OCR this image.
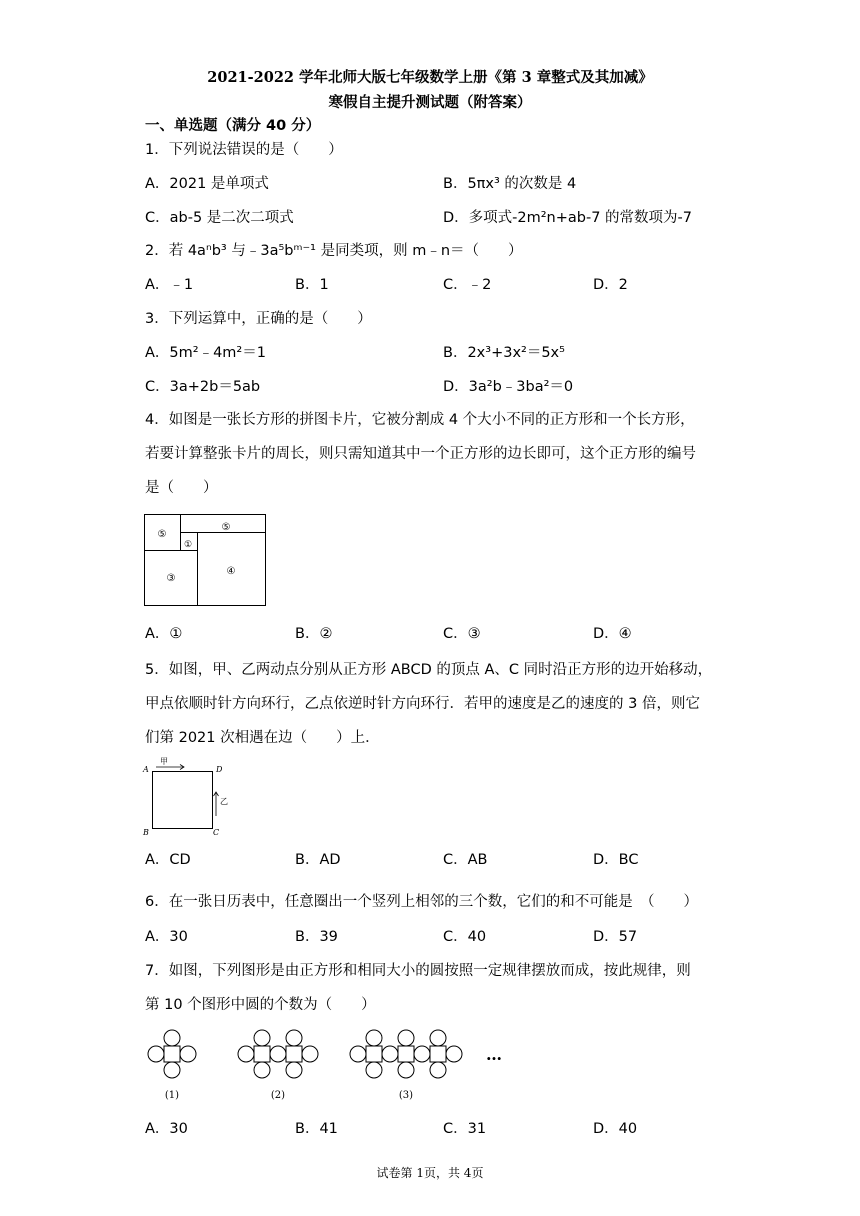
2021-2022 学年北师大版七年级数学上册《第 3 章整式及其加减》
寒假自主提升测试题（附答案）
一、单选题（满分 40 分）
1．下列说法错误的是（　　）
A．2021 是单项式	B．5πx³ 的次数是 4
C．ab-5 是二次二项式	D．多项式-2m²n+ab-7 的常数项为-7
2．若 4aⁿb³ 与﹣3a⁵bᵐ⁻¹ 是同类项，则 m﹣n＝（　　）
A．﹣1	B．1	C．﹣2	D．2
3．下列运算中，正确的是（　　）
A．5m²﹣4m²＝1	B．2x³+3x²＝5x⁵
C．3a+2b＝5ab	D．3a²b﹣3ba²＝0
4．如图是一张长方形的拼图卡片，它被分割成 4 个大小不同的正方形和一个长方形，
若要计算整张卡片的周长，则只需知道其中一个正方形的边长即可，这个正方形的编号
是（　　）
⑤
⑤
①
③
④
A．①	B．②	C．③	D．④
5．如图，甲、乙两动点分别从正方形 ABCD 的顶点 A、C 同时沿正方形的边开始移动，
甲点依顺时针方向环行，乙点依逆时针方向环行．若甲的速度是乙的速度的 3 倍，则它
们第 2021 次相遇在边（　　）上．
A	D
B	C
甲
乙
A．CD	B．AD	C．AB	D．BC
6．在一张日历表中，任意圈出一个竖列上相邻的三个数，它们的和不可能是　（　　）
A．30	B．39	C．40	D．57
7．如图，下列图形是由正方形和相同大小的圆按照一定规律摆放而成，按此规律，则
第 10 个图形中圆的个数为（　　）
(1)	(2)	(3)
…
A．30	B．41	C．31	D．40
试卷第 1页，共 4页
